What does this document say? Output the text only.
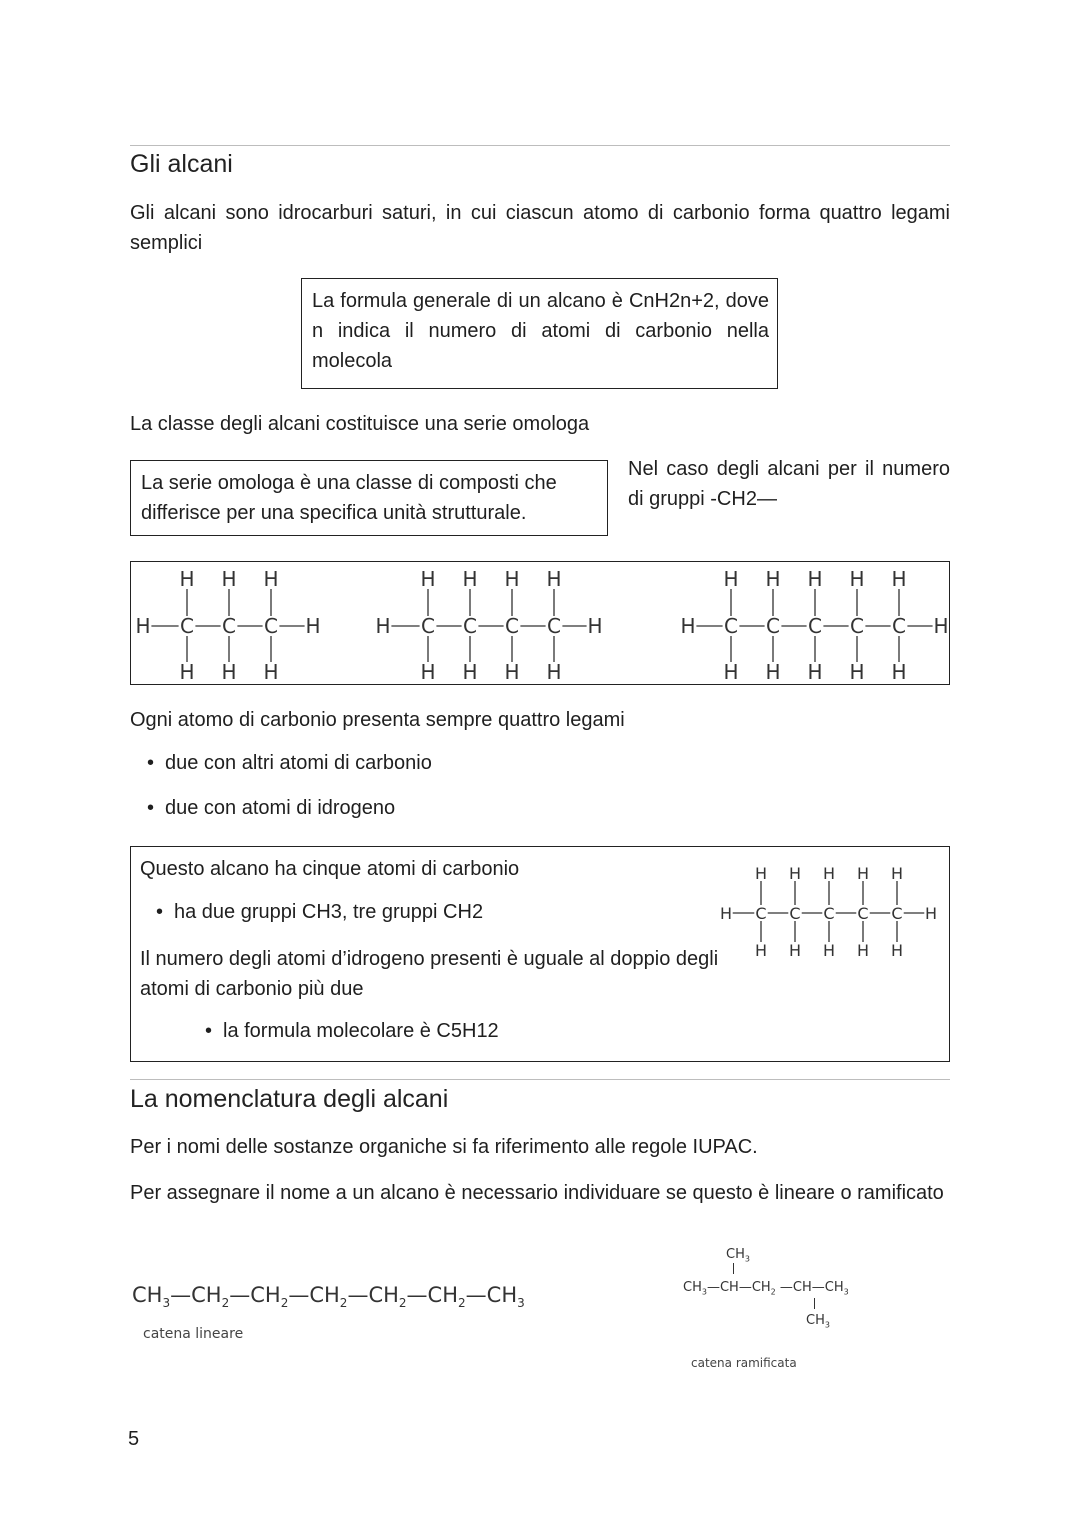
Gli alcani
Gli alcani sono idrocarburi saturi, in cui ciascun atomo di carbonio forma quattro legami semplici
La formula generale di un alcano è CnH2n+2, dove n indica il numero di atomi di carbonio nella molecola
La classe degli alcani costituisce una serie omologa
La serie omologa è una classe di composti che differisce per una specifica unità strutturale.
Nel caso degli alcani per il numero di gruppi -CH2—
H C
H
H
C
H
H
C
H
H
H	H C
H
H
C
H
H
C
H
H
C
H
H
H	H C
H
H
C
H
H
C
H
H
C
H
H
C
H
H
H
Ogni atomo di carbonio presenta sempre quattro legami
• due con altri atomi di carbonio
• due con atomi di idrogeno
Questo alcano ha cinque atomi di carbonio
• ha due gruppi CH3, tre gruppi CH2
Il numero degli atomi d’idrogeno presenti è uguale al doppio degli atomi di carbonio più due
• la formula molecolare è C5H12
H C
H
H
C
H
H
C
H
H
C
H
H
C
H
H
H
La nomenclatura degli alcani
Per i nomi delle sostanze organiche si fa riferimento alle regole IUPAC.
Per assegnare il nome a un alcano è necessario individuare se questo è lineare o ramificato
$CH_3—CH_2—CH_2—CH_2—CH_2—CH_2—CH_3$
catena lineare
$CH_3$
$CH_3—CH—CH_2$ $—CH—CH_3$
$CH_3$
catena ramificata
5
